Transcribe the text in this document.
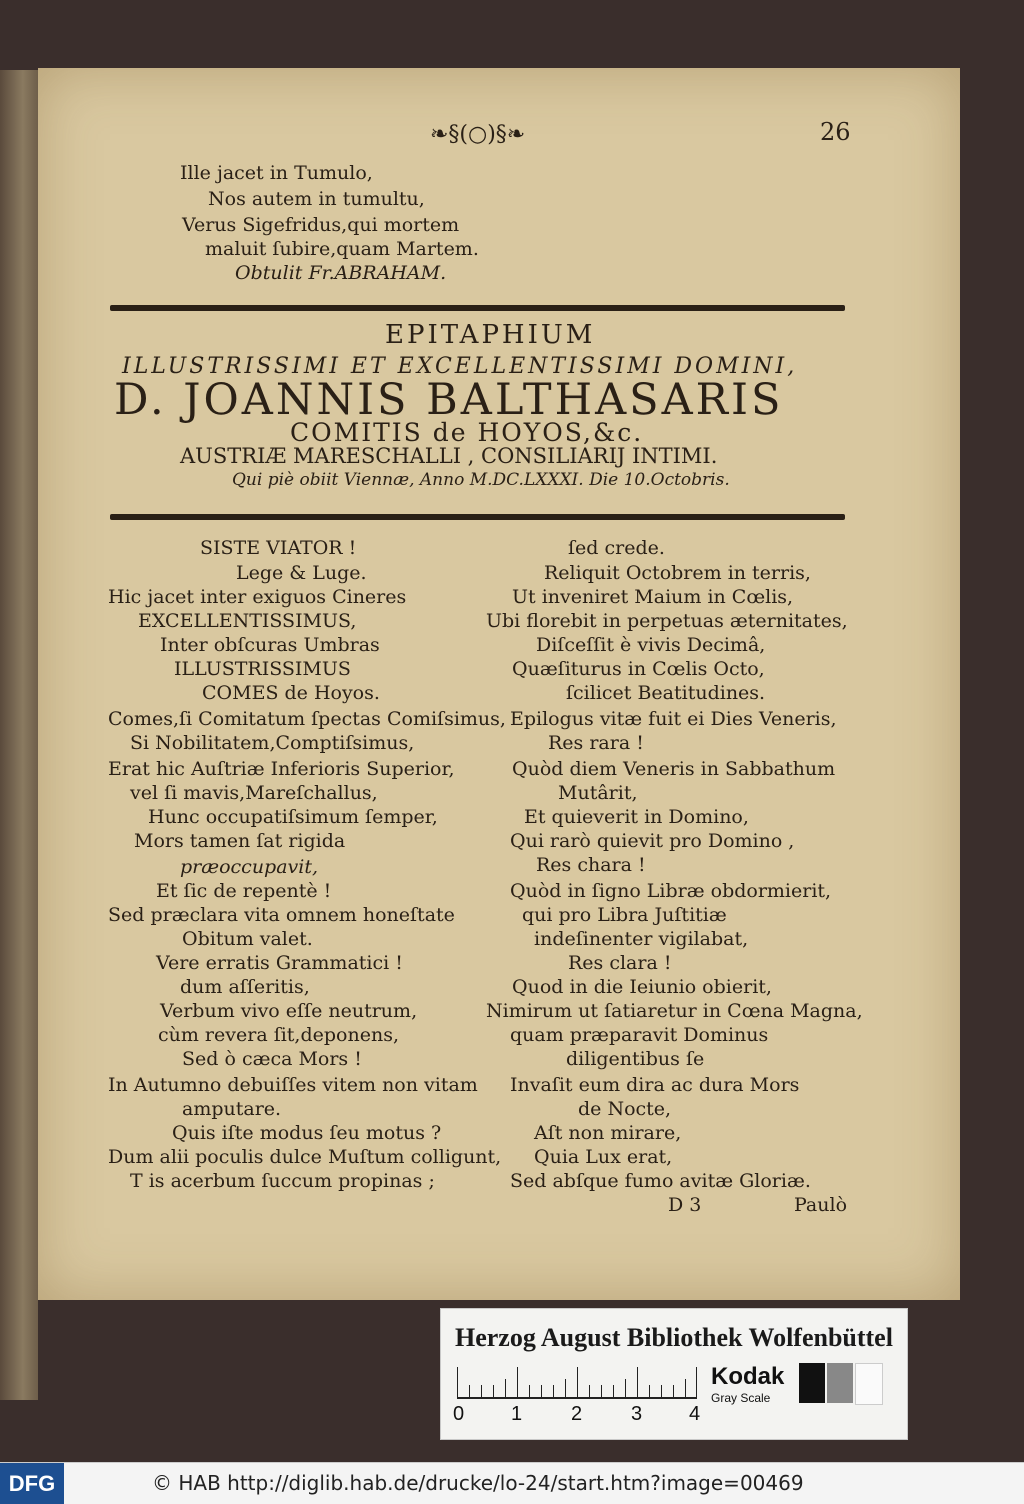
❧§(○)§❧	26
Ille jacet in Tumulo,
Nos autem in tumultu,
Verus Sigefridus,qui mortem
maluit ſubire,quam Martem.
Obtulit Fr.ABRAHAM.
EPITAPHIUM
ILLUSTRISSIMI ET EXCELLENTISSIMI DOMINI,
D. JOANNIS BALTHASARIS
COMITIS de HOYOS,&c.
AUSTRIÆ MARESCHALLI , CONSILIARIJ INTIMI.
Qui piè obiit Viennæ, Anno M.DC.LXXXI. Die 10.Octobris.
SISTE VIATOR !
Lege & Luge.
Hic jacet inter exiguos Cineres
EXCELLENTISSIMUS,
Inter obſcuras Umbras
ILLUSTRISSIMUS
COMES de Hoyos.
Comes,ſi Comitatum ſpectas Comiſsimus,
Si Nobilitatem,Comptiſsimus,
Erat hic Auſtriæ Inferioris Superior,
vel ſi mavis,Mareſchallus,
Hunc occupatiſsimum ſemper,
Mors tamen ſat rigida
præoccupavit,
Et ſic de repentè !
Sed præclara vita omnem honeſtate
Obitum valet.
Vere erratis Grammatici !
dum aſſeritis,
Verbum vivo eſſe neutrum,
cùm revera ſit,deponens,
Sed ò cæca Mors !
In Autumno debuiſſes vitem non vitam
amputare.
Quis iſte modus ſeu motus ?
Dum alii poculis dulce Muſtum colligunt,
T is acerbum ſuccum propinas ;
ſed crede.
Reliquit Octobrem in terris,
Ut inveniret Maium in Cœlis,
Ubi florebit in perpetuas æternitates,
Diſceſſit è vivis Decimâ,
Quæſiturus in Cœlis Octo,
ſcilicet Beatitudines.
Epilogus vitæ fuit ei Dies Veneris,
Res rara !
Quòd diem Veneris in Sabbathum
Mutârit,
Et quieverit in Domino,
Qui rarò quievit pro Domino ,
Res chara !
Quòd in ſigno Libræ obdormierit,
qui pro Libra Juſtitiæ
indeſinenter vigilabat,
Res clara !
Quod in die Ieiunio obierit,
Nimirum ut ſatiaretur in Cœna Magna,
quam præparavit Dominus
diligentibus ſe
Invaſit eum dira ac dura Mors
de Nocte,
Aſt non mirare,
Quia Lux erat,
Sed abſque fumo avitæ Gloriæ.
D 3	Paulò
Herzog August Bibliothek Wolfenbüttel
0 1 2 3 4
Kodak
Gray Scale
DFG	© HAB http://diglib.hab.de/drucke/lo-24/start.htm?image=00469
